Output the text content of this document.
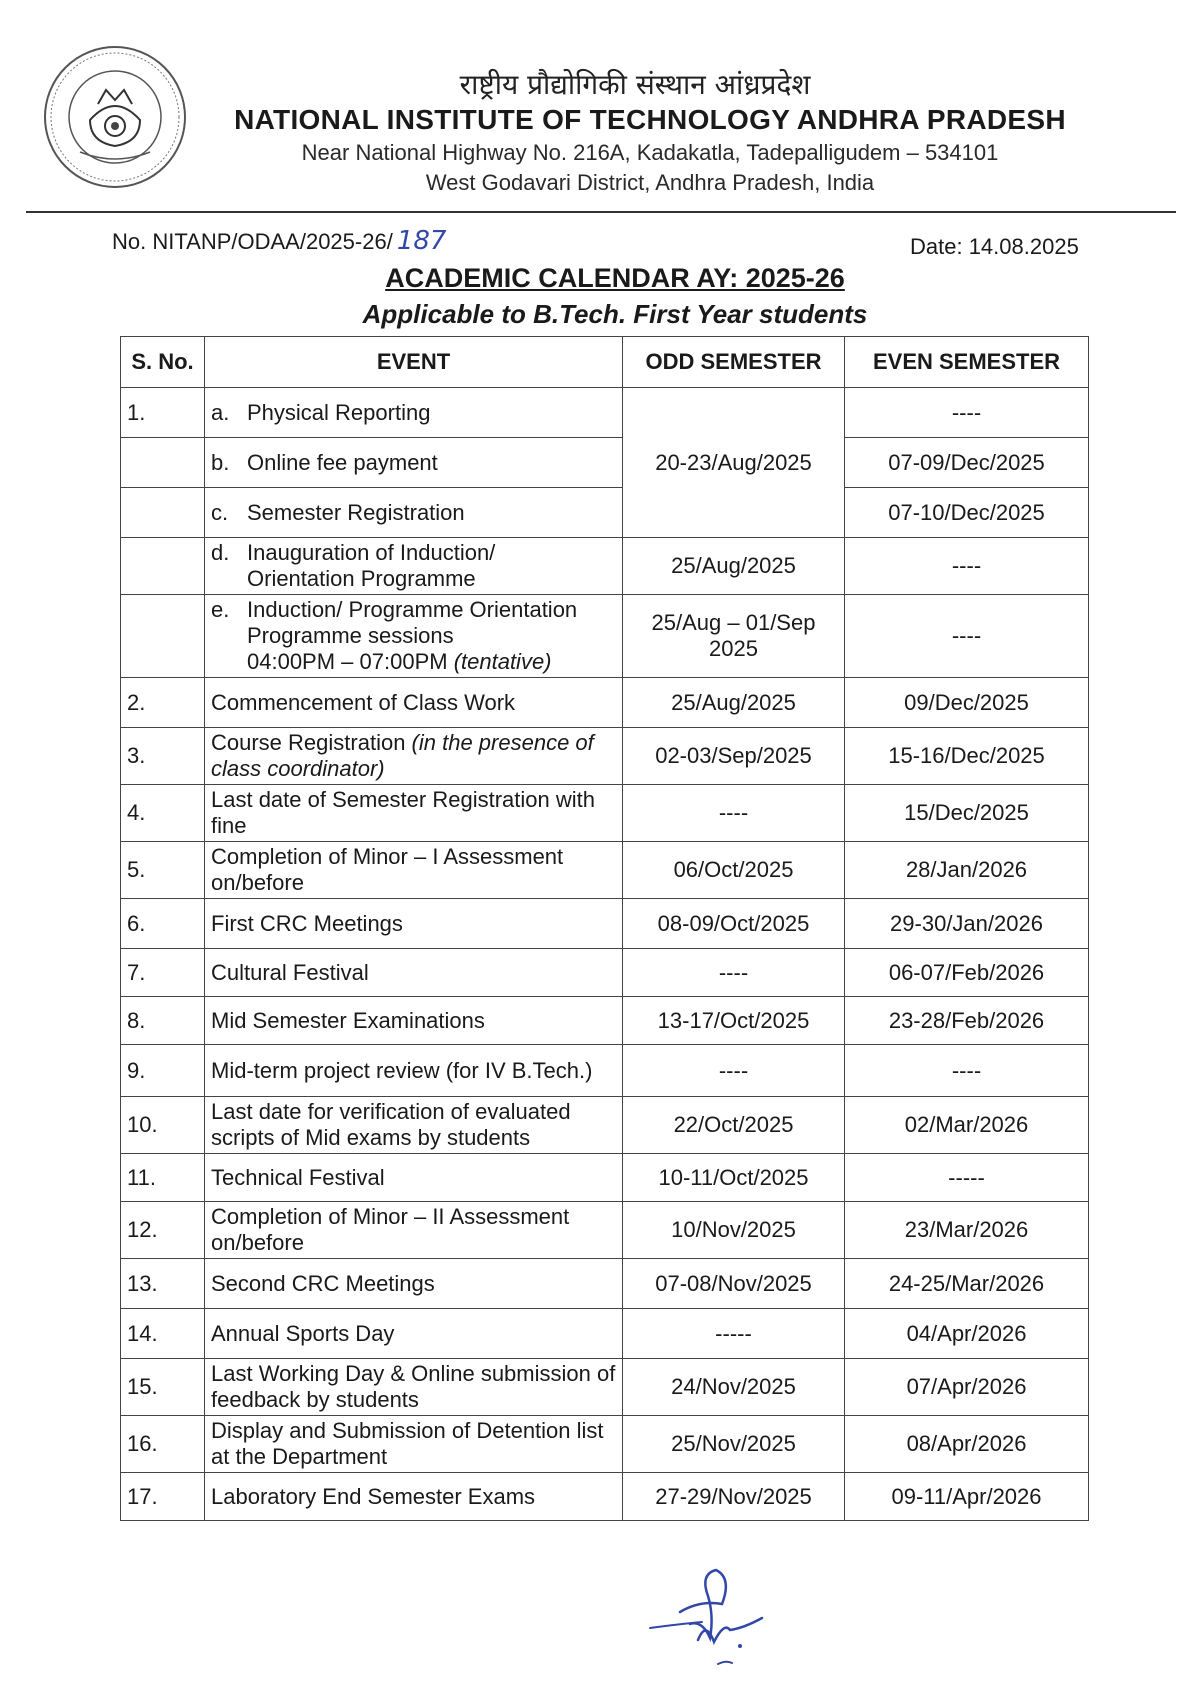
राष्ट्रीय प्रौद्योगिकी संस्थान आंध्रप्रदेश
NATIONAL INSTITUTE OF TECHNOLOGY ANDHRA PRADESH
Near National Highway No. 216A, Kadakatla, Tadepalligudem – 534101
West Godavari District, Andhra Pradesh, India
No. NITANP/ODAA/2025-26/ 187	Date: 14.08.2025
ACADEMIC CALENDAR AY: 2025-26
Applicable to B.Tech. First Year students
S. No.	EVENT	ODD SEMESTER	EVEN SEMESTER
1.	a. Physical Reporting	20-23/Aug/2025	----

	b. Online fee payment		07-09/Dec/2025

	c. Semester Registration		07-10/Dec/2025

	d. Inauguration of Induction/
Orientation Programme	25/Aug/2025	----

	e. Induction/ Programme Orientation
Programme sessions
04:00PM – 07:00PM (tentative)	25/Aug – 01/Sep
2025	----
2.	Commencement of Class Work	25/Aug/2025	09/Dec/2025
3.	Course Registration (in the presence of class coordinator)	02-03/Sep/2025	15-16/Dec/2025
4.	Last date of Semester Registration with fine	----	15/Dec/2025
5.	Completion of Minor – I Assessment on/before	06/Oct/2025	28/Jan/2026
6.	First CRC Meetings	08-09/Oct/2025	29-30/Jan/2026
7.	Cultural Festival	----	06-07/Feb/2026
8.	Mid Semester Examinations	13-17/Oct/2025	23-28/Feb/2026
9.	Mid-term project review (for IV B.Tech.)	----	----
10.	Last date for verification of evaluated scripts of Mid exams by students	22/Oct/2025	02/Mar/2026
11.	Technical Festival	10-11/Oct/2025	-----
12.	Completion of Minor – II Assessment on/before	10/Nov/2025	23/Mar/2026
13.	Second CRC Meetings	07-08/Nov/2025	24-25/Mar/2026
14.	Annual Sports Day	-----	04/Apr/2026
15.	Last Working Day & Online submission of feedback by students	24/Nov/2025	07/Apr/2026
16.	Display and Submission of Detention list at the Department	25/Nov/2025	08/Apr/2026
17.	Laboratory End Semester Exams	27-29/Nov/2025	09-11/Apr/2026
